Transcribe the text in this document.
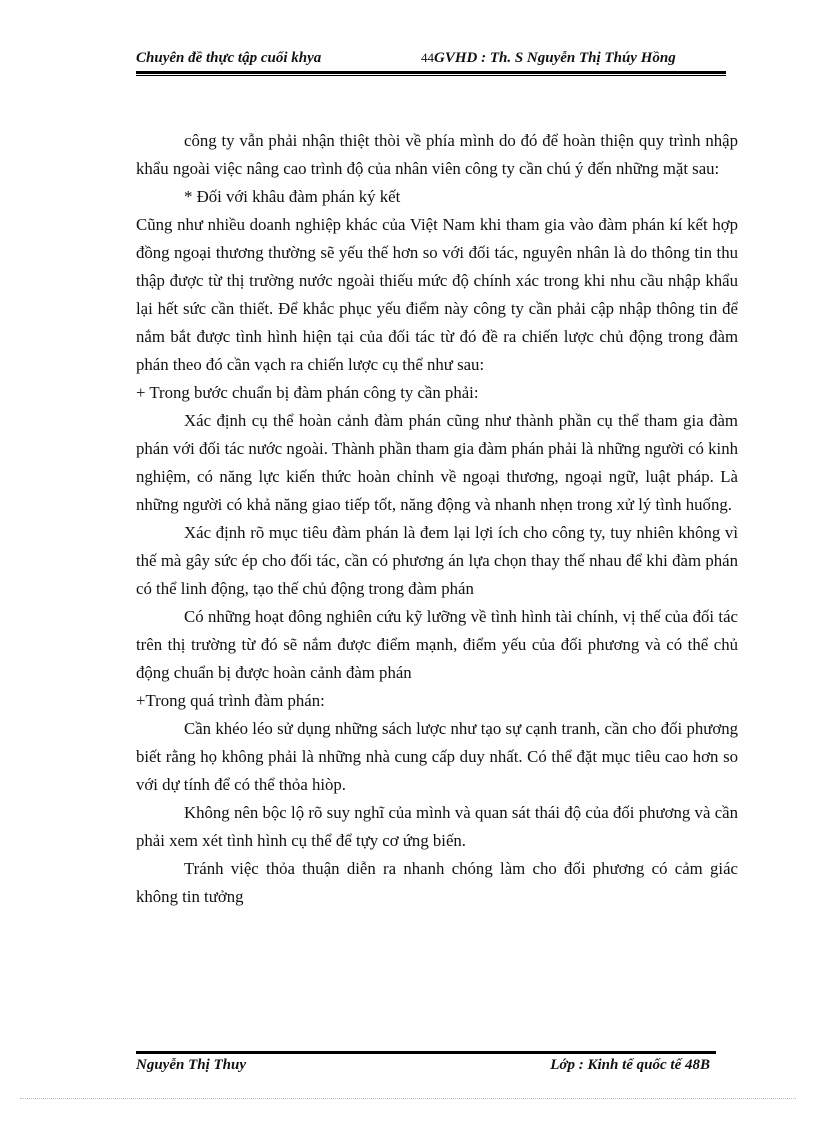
Chuyên đề thực tập cuối khya	44GVHD : Th. S Nguyễn Thị Thúy Hồng

công ty vẫn phải nhận thiệt thòi về phía mình do đó để hoàn thiện quy trình nhập khẩu ngoài việc nâng cao trình độ của nhân viên công ty cần chú ý đến những mặt sau:

* Đối với khâu đàm phán ký kết

Cũng như nhiều doanh nghiệp khác của Việt Nam khi tham gia vào đàm phán kí kết hợp đồng ngoại thương thường sẽ yếu thế hơn so với đối tác, nguyên nhân là do thông tin thu thập được từ thị trường nước ngoài thiếu mức độ chính xác trong khi nhu cầu nhập khẩu lại hết sức cần thiết. Để khắc phục yếu điểm này công ty cần phải cập nhập thông tin để nắm bắt được tình hình hiện tại của đối tác từ đó đề ra chiến lược chủ động trong đàm phán theo đó cần vạch ra chiến lược cụ thể như sau:

+ Trong bước chuẩn bị đàm phán công ty cần phải:

Xác định cụ thể hoàn cảnh đàm phán cũng như thành phần cụ thể tham gia đàm phán với đối tác nước ngoài. Thành phần tham gia đàm phán phải là những người có kinh nghiệm, có năng lực kiến thức hoàn chỉnh về ngoại thương, ngoại ngữ, luật pháp. Là những người có khả năng giao tiếp tốt, năng động và nhanh nhẹn trong xử lý tình huống.

Xác định rõ mục tiêu đàm phán là đem lại lợi ích cho công ty, tuy nhiên không vì thế mà gây sức ép cho đối tác, cần có phương án lựa chọn thay thế nhau để khi đàm phán có thể linh động, tạo thế chủ động trong đàm phán

Có những hoạt đông nghiên cứu kỹ lưỡng về tình hình tài chính, vị thế của đối tác trên thị trường từ đó sẽ nắm được điểm mạnh, điểm yếu của đối phương và có thể chủ động chuẩn bị được hoàn cảnh đàm phán

+Trong quá trình đàm phán:

Cần khéo léo sử dụng những sách lược như tạo sự cạnh tranh, cần cho đối phương biết rằng họ không phải là những nhà cung cấp duy nhất. Có thể đặt mục tiêu cao hơn so với dự tính để có thể thỏa hiòp.

Không nên bộc lộ rõ suy nghĩ của mình và quan sát thái độ của đối phương và cần phải xem xét tình hình cụ thể để tựy cơ ứng biến.

Tránh việc thỏa thuận diễn ra nhanh chóng làm cho đối phương có cảm giác không tin tưởng

Nguyễn Thị Thuy	Lớp : Kinh tế quốc tế 48B
